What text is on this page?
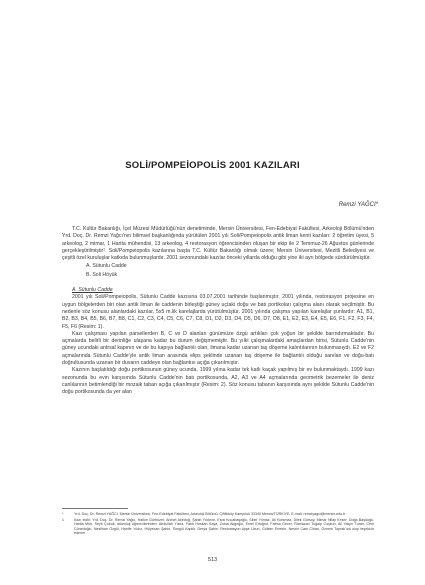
SOLİ/POMPEİOPOLİS 2001 KAZILARI
Remzi YAĞCI*

T.C. Kültür Bakanlığı, İçel Müzesi Müdürlüğü'nün denetiminde, Mersin Üniversitesi, Fen-Edebiyat Fakültesi, Arkeoloji Bölümü'nden Yrd. Doç. Dr. Remzi Yağcı'nın bilimsel başkanlığında yürütülen 2001 yılı Soli/Pompeiopolis antik liman kenti kazıları: 2 öğretim üyesi, 5 arkeolog, 2 mimar, 1 Harita mühendisi, 13 arkeolog, 4 restorasyon öğrencisinden oluşan bir ekip ile 2 Temmuz-26 Ağustos günlerinde gerçekleştirilmiştir¹. Soli/Pompeiopolis kazılarına başta T.C. Kültür Bakanlığı olmak üzere; Mersin Üniversitesi, Mezitli Belediyesi ve çeşitli özel kuruluşlar katkıda bulunmuşlardır. 2001 sezonundaki kazılar önceki yıllarda olduğu gibi yine iki ayrı bölgede sürdürülmüştür.

A. Sütunlu Cadde

B. Soli Höyük

A. Sütunlu Cadde

2001 yılı Soli/Pompeiopolis, Sütunlu Cadde kazısına 03.07.2001 tarihinde başlanmıştır. 2001 yılında, restorasyon projesine en uygun bölgelerden biri olan antik liman ile caddenin birleştiği güney uçtaki doğu ve batı portikoları çalışma alanı olarak seçilmiştir. Bu nedenle söz konusu alanlardaki kazılar, 5x5 m.lik karelajlarda yürütülmüştür. 2001 yılında çalışma yapılan karelajlar şunlardır: A1, B1, B2, B3, B4, B5, B6, B7, B8, C1, C2, C3, C4, C5, C6, C7, C8, D1, D2, D3, D4, D5, D6, D7, D8, E1, E2, E3, E4, E5, E6, F1, F2, F3, F4, F5, F6 (Resim: 1).

Kazı çalışması yapılan parsellerden B, C ve D alanları günümüze özgü artıkları çok yoğun bir şekilde barındırmaktadır. Bu açmalarda belirli bir derinliğe ulaşana kadar bu durum değişmemiştir. Bu yılki çalışmalardaki amaçlardan birisi, Sütunlu Cadde'nin güney ucundaki antrsal kapının ve de bu kapıya bağlantılı olan, limana kadar uzanan taş döşeme kalıntılarının bulunmasıydı. E2 ve F2 açmalarında Sütunlu Cadde'yle antik liman arasında elips şeklinde uzanan taş döşeme ile bağlantılı olduğu sanılan ve doğu-batı doğrultusunda uzanan bir duvarın caddeye olan bağlantısı açığa çıkarılmıştır.

Kazının başlatıldığı doğu portikosunun güney ucunda, 1999 yılına kadar tek katlı kaçak yapılmış bir ev bulunmaktaydı. 1999 kazı sezonunda bu evin karşısında Sütunlu Cadde'nin batı portikosunda, A2, A3 ve A4 açmalarında geometrik bezemeler ile deniz canlılarının betimlendiği bir mozaik taban açığa çıkarılmıştır (Resim: 2). Söz konusu tabanın karşısında aynı şekilde Sütunlu Cadde'nin doğu portikosunda da yer alan

*	Yrd. Doç. Dr. Remzi YAĞCI, Mersin Üniversitesi, Fen-Edebiyat Fakültesi, Arkeoloji Bölümü, Çiftlikköy Kampüsü 33340 Mersin/TÜRKİYE. E-mail: remziyagci@mersin.edu.tr
1	Kazı ekibi: Yrd. Doç. Dr. Remzi Yağcı, Hatice Gürbüzer, Ahmet Akedoğ, Şahin Yıldırım, Esra Kocabaşoğlu, Sibel Yılmaz, Ali Korkmaz, Dilek Gürsoy, Mimar Nilay Keser, Doğa Başdoğu, Harita Müh. Seyit Çubuk, arkeoloji öğrencilerinden: Abdullah Yıldız, Fatih Hoskan Kaya, Zuhal Akgoğlu, Emel Ertuğrul, Fatma Gecer, Ramazan Tuğalp Coşkun, Ali Yalçın Turan, Cem Cünedoğlu, Neslihan Özgül, Hanife Yıldız, Hülyecan Şahin, Simgül Kaplık, Derya Şahin. Restorasyon Ayşe Uzun, Gülsen Ertekin, Nesrin Cam Cihan, Öznem Toprak'ıza olup teşekkür ederim.
513
